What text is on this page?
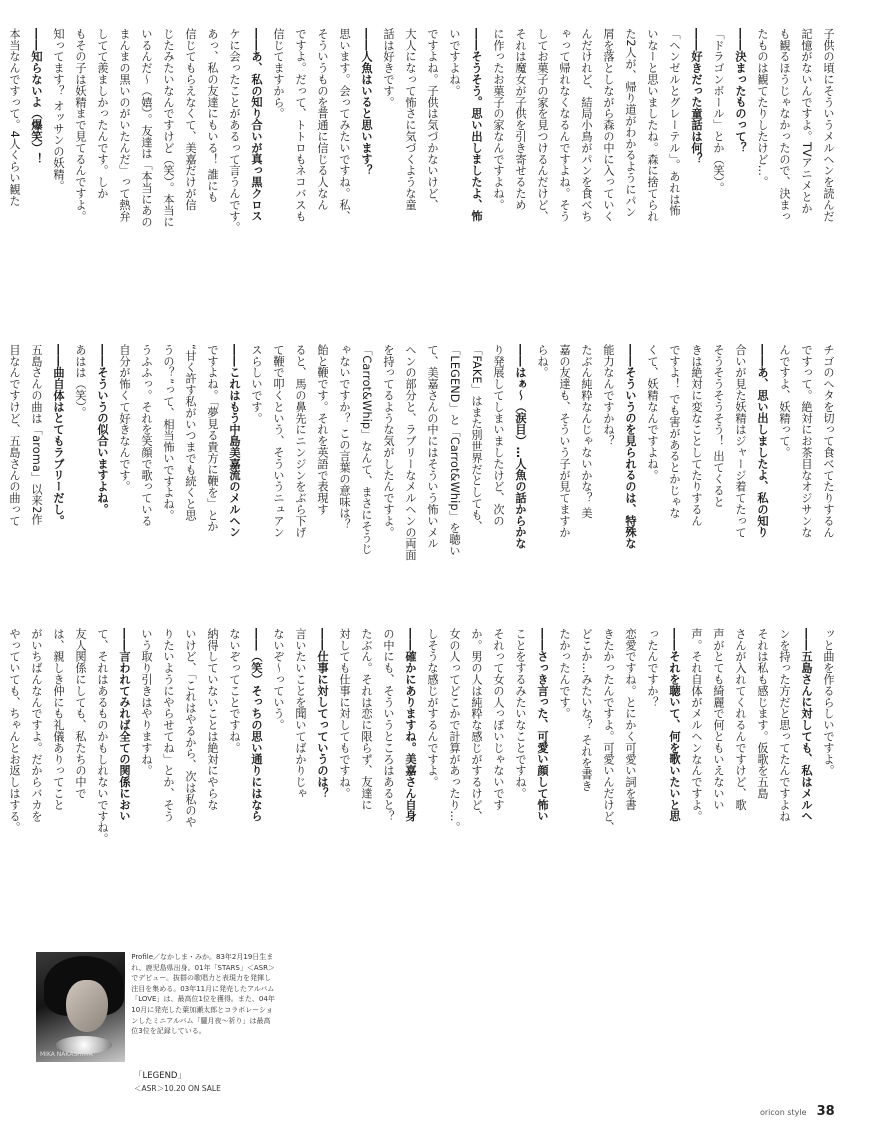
子供の頃にそういうメルヘンを読んだ
記憶がないんですよ。TVアニメとか
も観るほうじゃなかったので、決まっ
たものは観てたりしたけど…。
――決まったものって？
「ドラゴンボール」とか（笑）。
――好きだった童話は何？
「ヘンゼルとグレーテル」。あれは怖
いなーと思いましたね。森に捨てられ
た2人が、帰り道がわかるようにパン
屑を落としながら森の中に入っていく
んだけれど、結局小鳥がパンを食べち
ゃって帰れなくなるんですよね。そう
してお菓子の家を見つけるんだけど、
それは魔女が子供を引き寄せるため
に作ったお菓子の家なんですよね。
――そうそう。思い出しましたよ、怖
いですよね。
ですよね。子供は気づかないけど、
大人になって怖さに気づくような童
話は好きです。
――人魚はいると思います？
思います。会ってみたいですね。私、
そういうものを普通に信じる人なん
ですよ。だって、トトロもネコバスも
信じてますから。
――あ、私の知り合いが真っ黒クロス
ケに会ったことがあるって言うんです。
あっ、私の友達にもいる！ 誰にも
信じてもらえなくて、美嘉だけが信
じたみたいなんですけど（笑）。本当に
いるんだ～（嬉）。友達は「本当にあの
まんまの黒いのがいたんだ」って熱弁
してて羨ましかったんです。しか
もその子は妖精まで見てるんですよ。
知ってます？ オッサンの妖精。
――知らないよ（爆笑）！
本当なんですって。4人くらい観た
チゴのヘタを切って食べてたりするん
ですって。絶対にお茶目なオジサンな
んですよ、妖精って。
――あ、思い出しましたよ、私の知り
合いが見た妖精はジャージ着てたって
そうそうそうそう！ 出てくると
きは絶対に変なことしてたりするん
ですよ！ でも害があるとかじゃな
くて、妖精なんですよね。
――そういうのを見られるのは、特殊な
能力なんですかね？
たぶん純粋なんじゃないかな？ 美
嘉の友達も、そういう子が見てますか
らね。
――はぁ～（涙目）…人魚の話からかな
り発展してしまいましたけど、次の
「FAKE」はまた別世界だとしても、
「LEGEND」と「Carrot&Whip」を聴い
て、美嘉さんの中にはそういう怖いメル
ヘンの部分と、ラブリーなメルヘンの両面
を持ってるような気がしたんですよ。
「Carrot&Whip」なんて、まさにそうじ
ゃないですか？ この言葉の意味は？
飴と鞭です。それを英語で表現す
ると、馬の鼻先にニンジンをぶら下げ
て鞭で叩くという、そういうニュアン
スらしいです。
――これはもう中島美嘉流のメルヘン
ですよね。「夢見る貴方に鞭を」とか
“甘く許す私がいつまでも続くと思
うの？”って、相当怖いですよね。
うふふっ。それを笑顔で歌っている
自分が怖くて好きなんです。
――そういうの似合いますよね。
あはは（笑）。
――曲自体はとてもラブリーだし。
五島さんの曲は「aroma」以来2作
目なんですけど、五島さんの曲って
ッと曲を作るらしいですよ。
――五島さんに対しても、私はメルヘ
ンを持った方だと思ってたんですよね
それは私も感じます。仮歌を五島
さんが入れてくれるんですけど、歌
声がとても綺麗で何ともいえないい
声。それ自体がメルヘンなんですよ。
――それを聴いて、何を歌いたいと思
ったんですか？
恋愛ですね。とにかく可愛い詞を書
きたかったんですよ。可愛いんだけど、
どこか…みたいな？ それを書き
たかったんです。
――さっき言った、可愛い顔して怖い
ことをするみたいなことですね。
それって女の人っぽいじゃないです
か。男の人は純粋な感じがするけど、
女の人ってどこかで計算があったり…。
しそうな感じがするんですよ。
――確かにありますね。美嘉さん自身
の中にも、そういうところはあると？
たぶん。それは恋に限らず、友達に
対しても仕事に対してもですね。
――仕事に対してっていうのは？
言いたいことを聞いてばかりじゃ
ないぞ～っていう。
――（笑）そっちの思い通りにはなら
ないぞってことですね。
納得していないことは絶対にやらな
いけど、「これはやるから、次は私のや
りたいようにやらせてね」とか、そう
いう取り引きはやりますね。
――言われてみれば全ての関係におい
て、それはあるものかもしれないですね。
友人関係にしても、私たちの中で
は、親しき仲にも礼儀ありってこと
がいちばんなんですよ。だからバカを
やっていても、ちゃんとお返しはする。
MIKA NAKASHIMA
Profile／なかしま・みか。83年2月19日生まれ、鹿児島県出身。01年「STARS」＜ASR＞でデビュー。抜群の歌唱力と表現力を発揮し注目を集める。03年11月に発売したアルバム「LOVE」は、最高位1位を獲得。また、04年10月に発売した葉加瀬太郎とコラボレーションしたミニアルバム「朧月夜～祈り」は最高位3位を記録している。
「LEGEND」
＜ASR＞10.20 ON SALE
oricon style 38
